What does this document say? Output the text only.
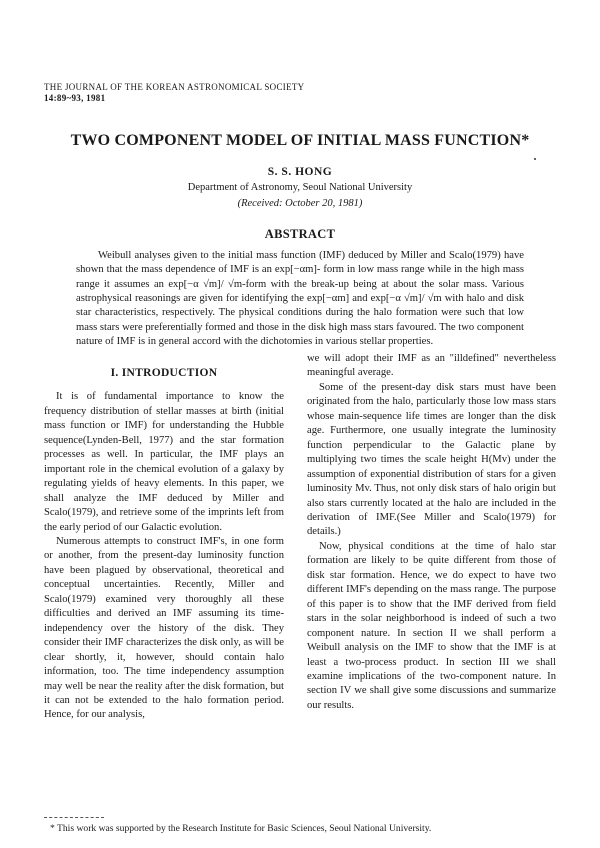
THE JOURNAL OF THE KOREAN ASTRONOMICAL SOCIETY
14:89~93, 1981
TWO COMPONENT MODEL OF INITIAL MASS FUNCTION*
S. S. HONG
Department of Astronomy, Seoul National University
(Received: October 20, 1981)
ABSTRACT

Weibull analyses given to the initial mass function (IMF) deduced by Miller and Scalo(1979) have shown that the mass dependence of IMF is an exp[−αm]- form in low mass range while in the high mass range it assumes an exp[−α √m]/ √m-form with the break-up being at about the solar mass. Various astrophysical reasonings are given for identifying the exp[−αm] and exp[−α √m]/ √m with halo and disk star characteristics, respectively. The physical conditions during the halo formation were such that low mass stars were preferentially formed and those in the disk high mass stars favoured. The two component nature of IMF is in general accord with the dichotomies in various stellar properties.

I. INTRODUCTION

It is of fundamental importance to know the frequency distribution of stellar masses at birth (initial mass function or IMF) for understanding the Hubble sequence(Lynden-Bell, 1977) and the star formation processes as well. In particular, the IMF plays an important role in the chemical evolution of a galaxy by regulating yields of heavy elements. In this paper, we shall analyze the IMF deduced by Miller and Scalo(1979), and retrieve some of the imprints left from the early period of our Galactic evolution.

Numerous attempts to construct IMF's, in one form or another, from the present-day luminosity function have been plagued by observational, theoretical and conceptual uncertainties. Recently, Miller and Scalo(1979) examined very thoroughly all these difficulties and derived an IMF assuming its time-independency over the history of the disk. They consider their IMF characterizes the disk only, as will be clear shortly, it, however, should contain halo information, too. The time independency assumption may well be near the reality after the disk formation, but it can not be extended to the halo formation period. Hence, for our analysis,

we will adopt their IMF as an "illdefined" nevertheless meaningful average.

Some of the present-day disk stars must have been originated from the halo, particularly those low mass stars whose main-sequence life times are longer than the disk age. Furthermore, one usually integrate the luminosity function perpendicular to the Galactic plane by multiplying two times the scale height H(Mv) under the assumption of exponential distribution of stars for a given luminosity Mv. Thus, not only disk stars of halo origin but also stars currently located at the halo are included in the derivation of IMF.(See Miller and Scalo(1979) for details.)

Now, physical conditions at the time of halo star formation are likely to be quite different from those of disk star formation. Hence, we do expect to have two different IMF's depending on the mass range. The purpose of this paper is to show that the IMF derived from field stars in the solar neighborhood is indeed of such a two component nature. In section II we shall perform a Weibull analysis on the IMF to show that the IMF is at least a two-process product. In section III we shall examine implications of the two-component nature. In section IV we shall give some discussions and summarize our results.

* This work was supported by the Research Institute for Basic Sciences, Seoul National University.
